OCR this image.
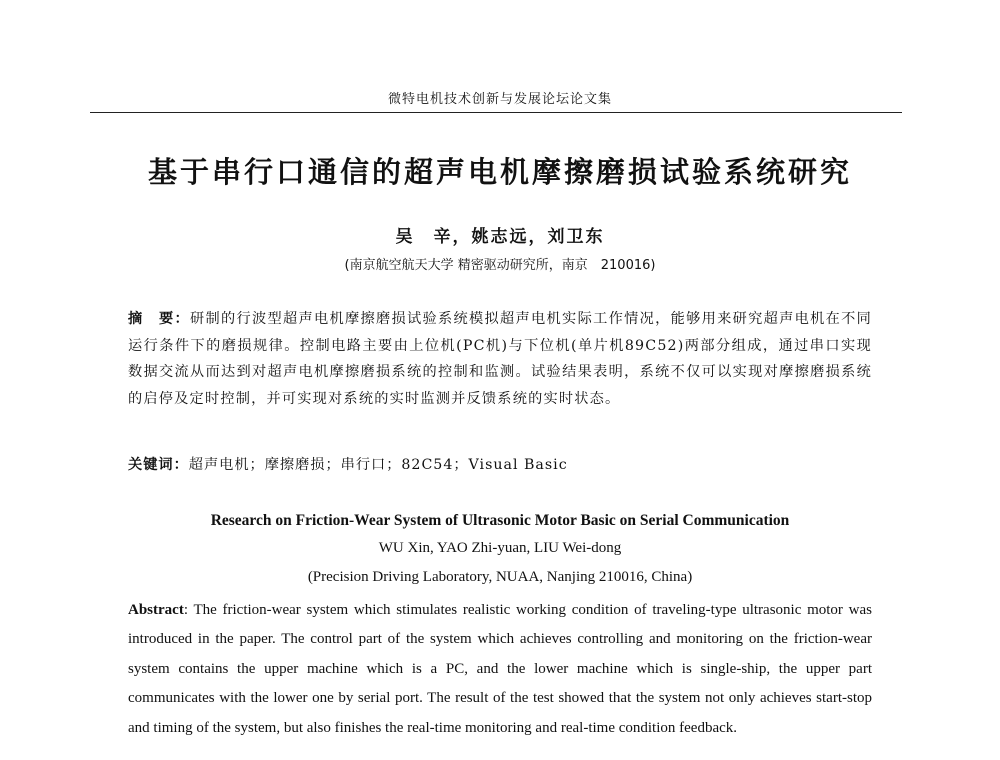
微特电机技术创新与发展论坛论文集
基于串行口通信的超声电机摩擦磨损试验系统研究
吴　辛，姚志远，刘卫东
(南京航空航天大学 精密驱动研究所，南京　210016)

摘　要：研制的行波型超声电机摩擦磨损试验系统模拟超声电机实际工作情况，能够用来研究超声电机在不同运行条件下的磨损规律。控制电路主要由上位机(PC机)与下位机(单片机89C52)两部分组成，通过串口实现数据交流从而达到对超声电机摩擦磨损系统的控制和监测。试验结果表明，系统不仅可以实现对摩擦磨损系统的启停及定时控制，并可实现对系统的实时监测并反馈系统的实时状态。

关键词：超声电机；摩擦磨损；串行口；82C54；Visual Basic

Research on Friction-Wear System of Ultrasonic Motor Basic on Serial Communication
WU Xin, YAO Zhi-yuan, LIU Wei-dong
(Precision Driving Laboratory, NUAA, Nanjing 210016, China)

Abstract: The friction-wear system which stimulates realistic working condition of traveling-type ultrasonic motor was introduced in the paper. The control part of the system which achieves controlling and monitoring on the friction-wear system contains the upper machine which is a PC, and the lower machine which is single-ship, the upper part communicates with the lower one by serial port. The result of the test showed that the system not only achieves start-stop and timing of the system, but also finishes the real-time monitoring and real-time condition feedback.
